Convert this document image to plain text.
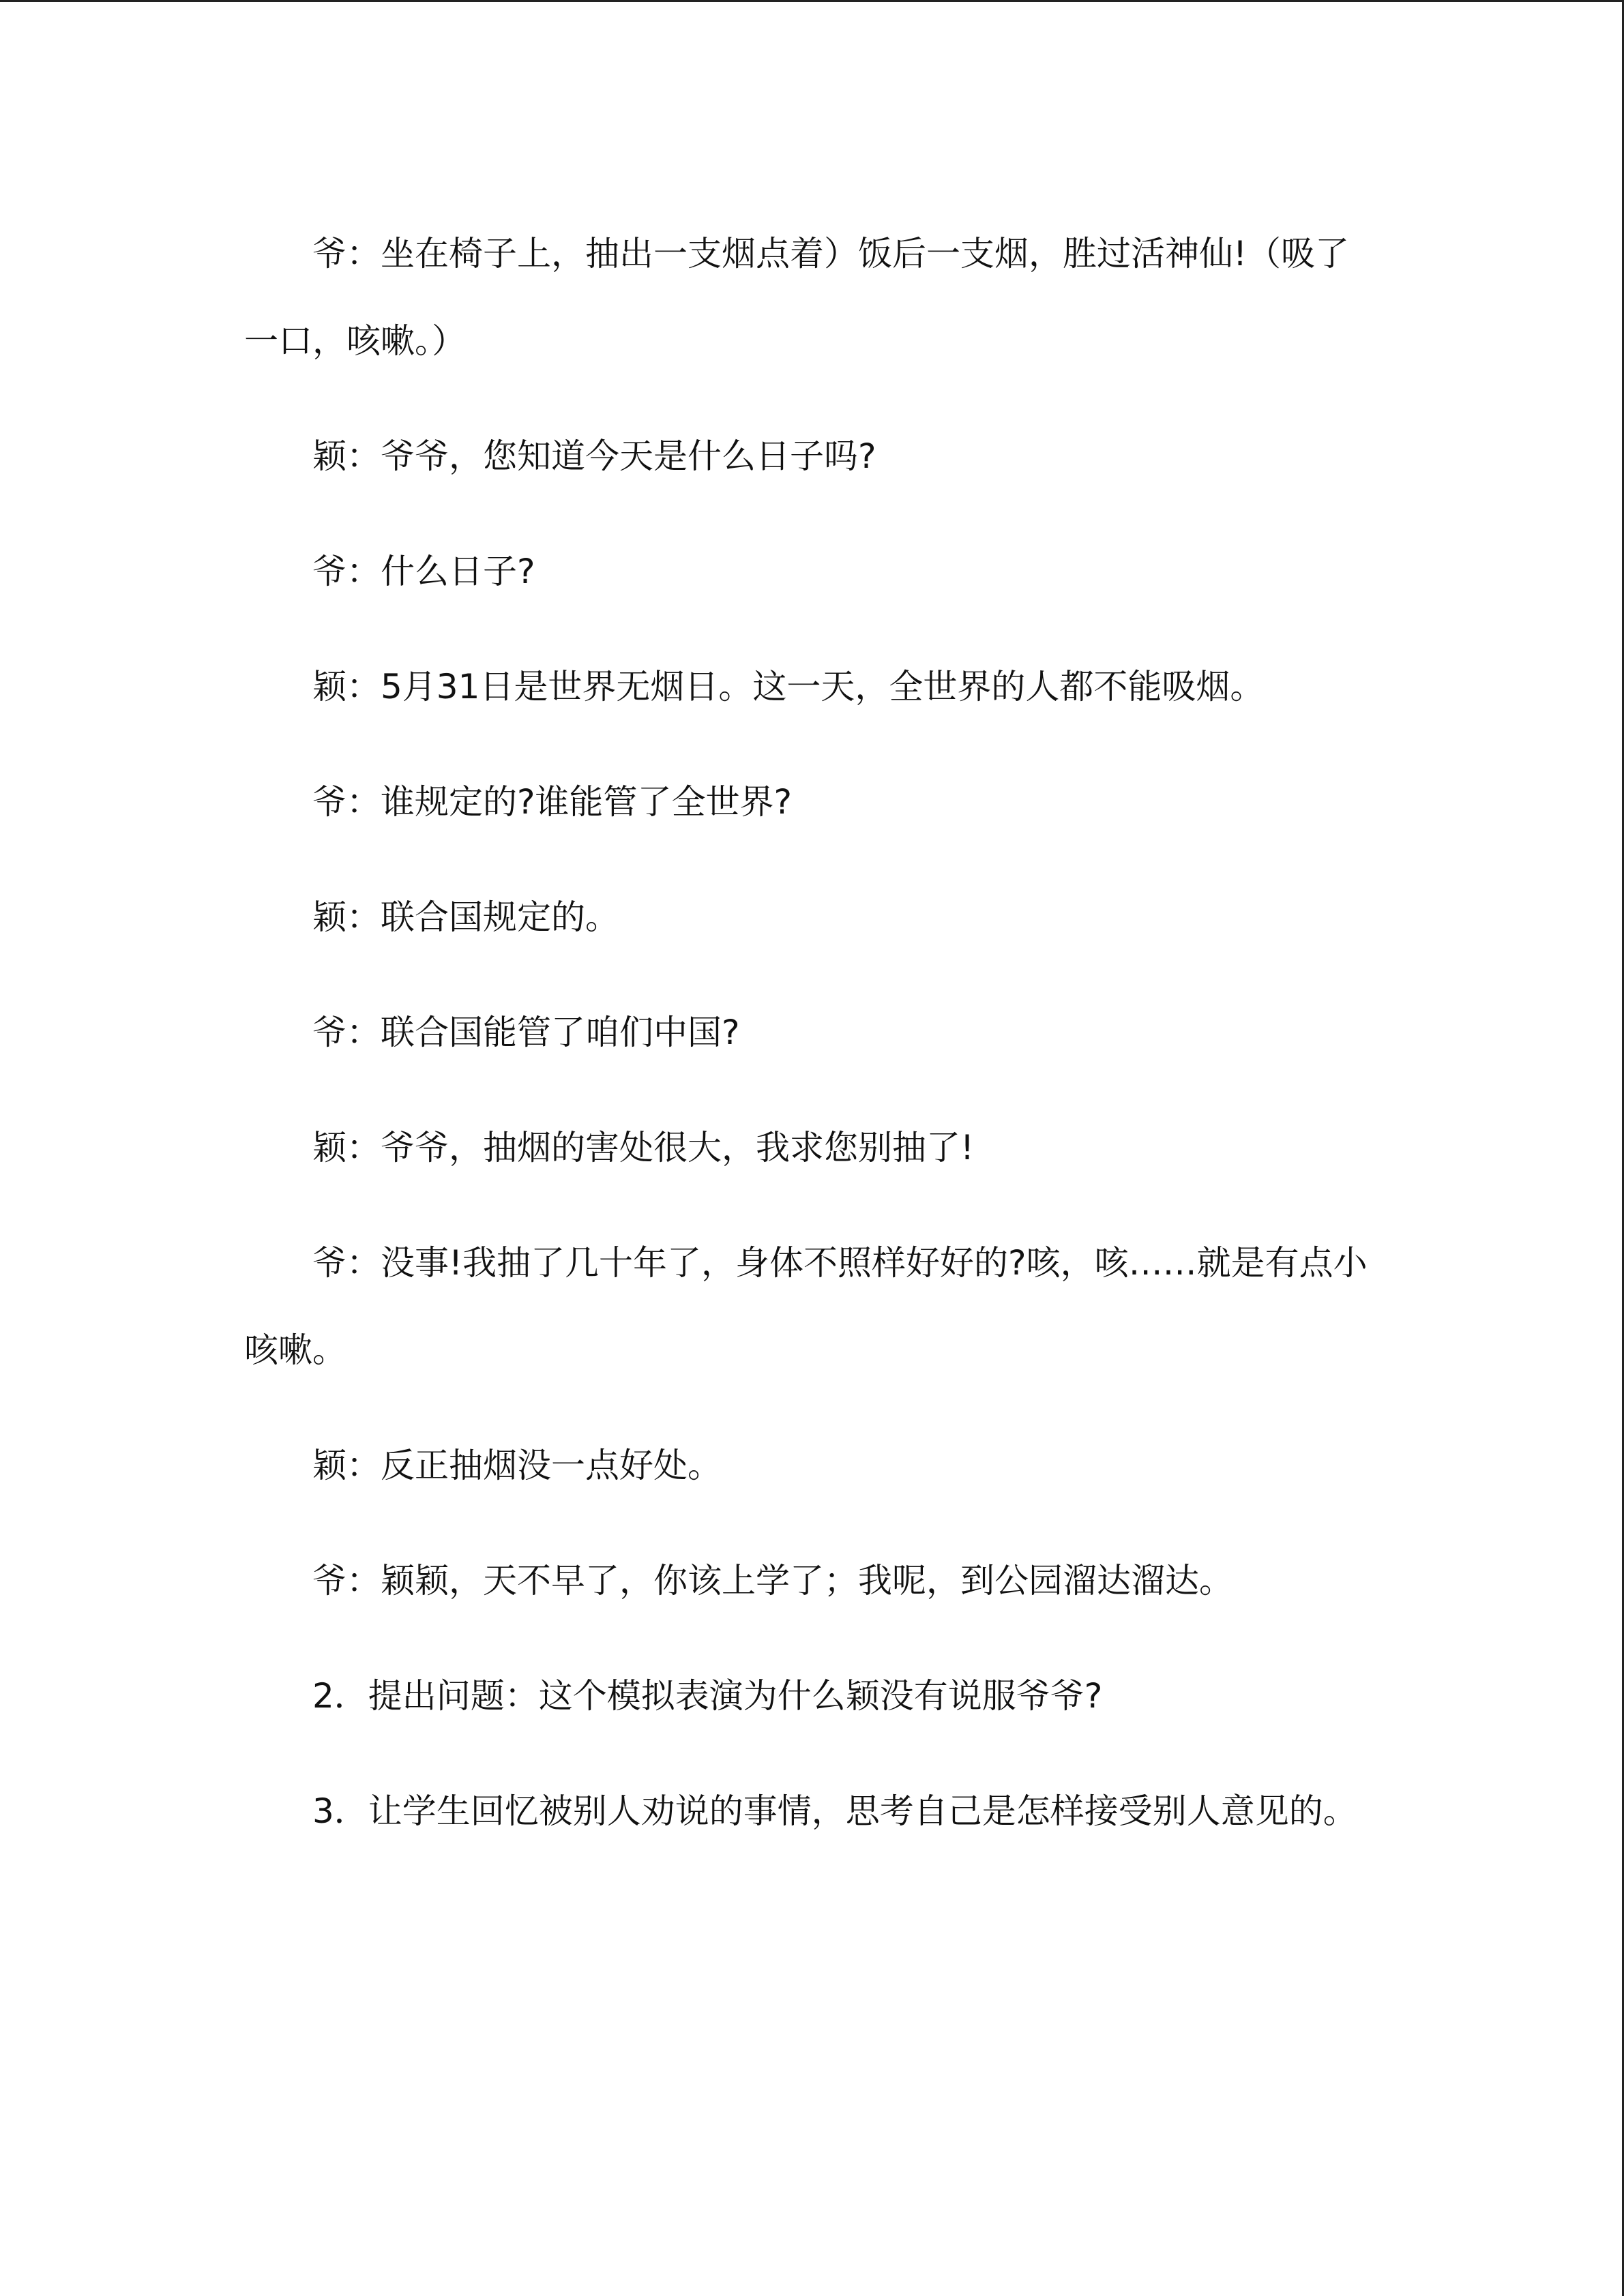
爷：坐在椅子上，抽出一支烟点着）饭后一支烟，胜过活神仙!（吸了一口，咳嗽。）

颖：爷爷，您知道今天是什么日子吗?

爷：什么日子?

颖：5月31日是世界无烟日。这一天，全世界的人都不能吸烟。

爷：谁规定的?谁能管了全世界?

颖：联合国规定的。

爷：联合国能管了咱们中国?

颖：爷爷，抽烟的害处很大，我求您别抽了!

爷：没事!我抽了几十年了，身体不照样好好的?咳，咳……就是有点小咳嗽。

颖：反正抽烟没一点好处。

爷：颖颖，天不早了，你该上学了；我呢，到公园溜达溜达。

2．提出问题：这个模拟表演为什么颖没有说服爷爷?

3．让学生回忆被别人劝说的事情，思考自己是怎样接受别人意见的。
